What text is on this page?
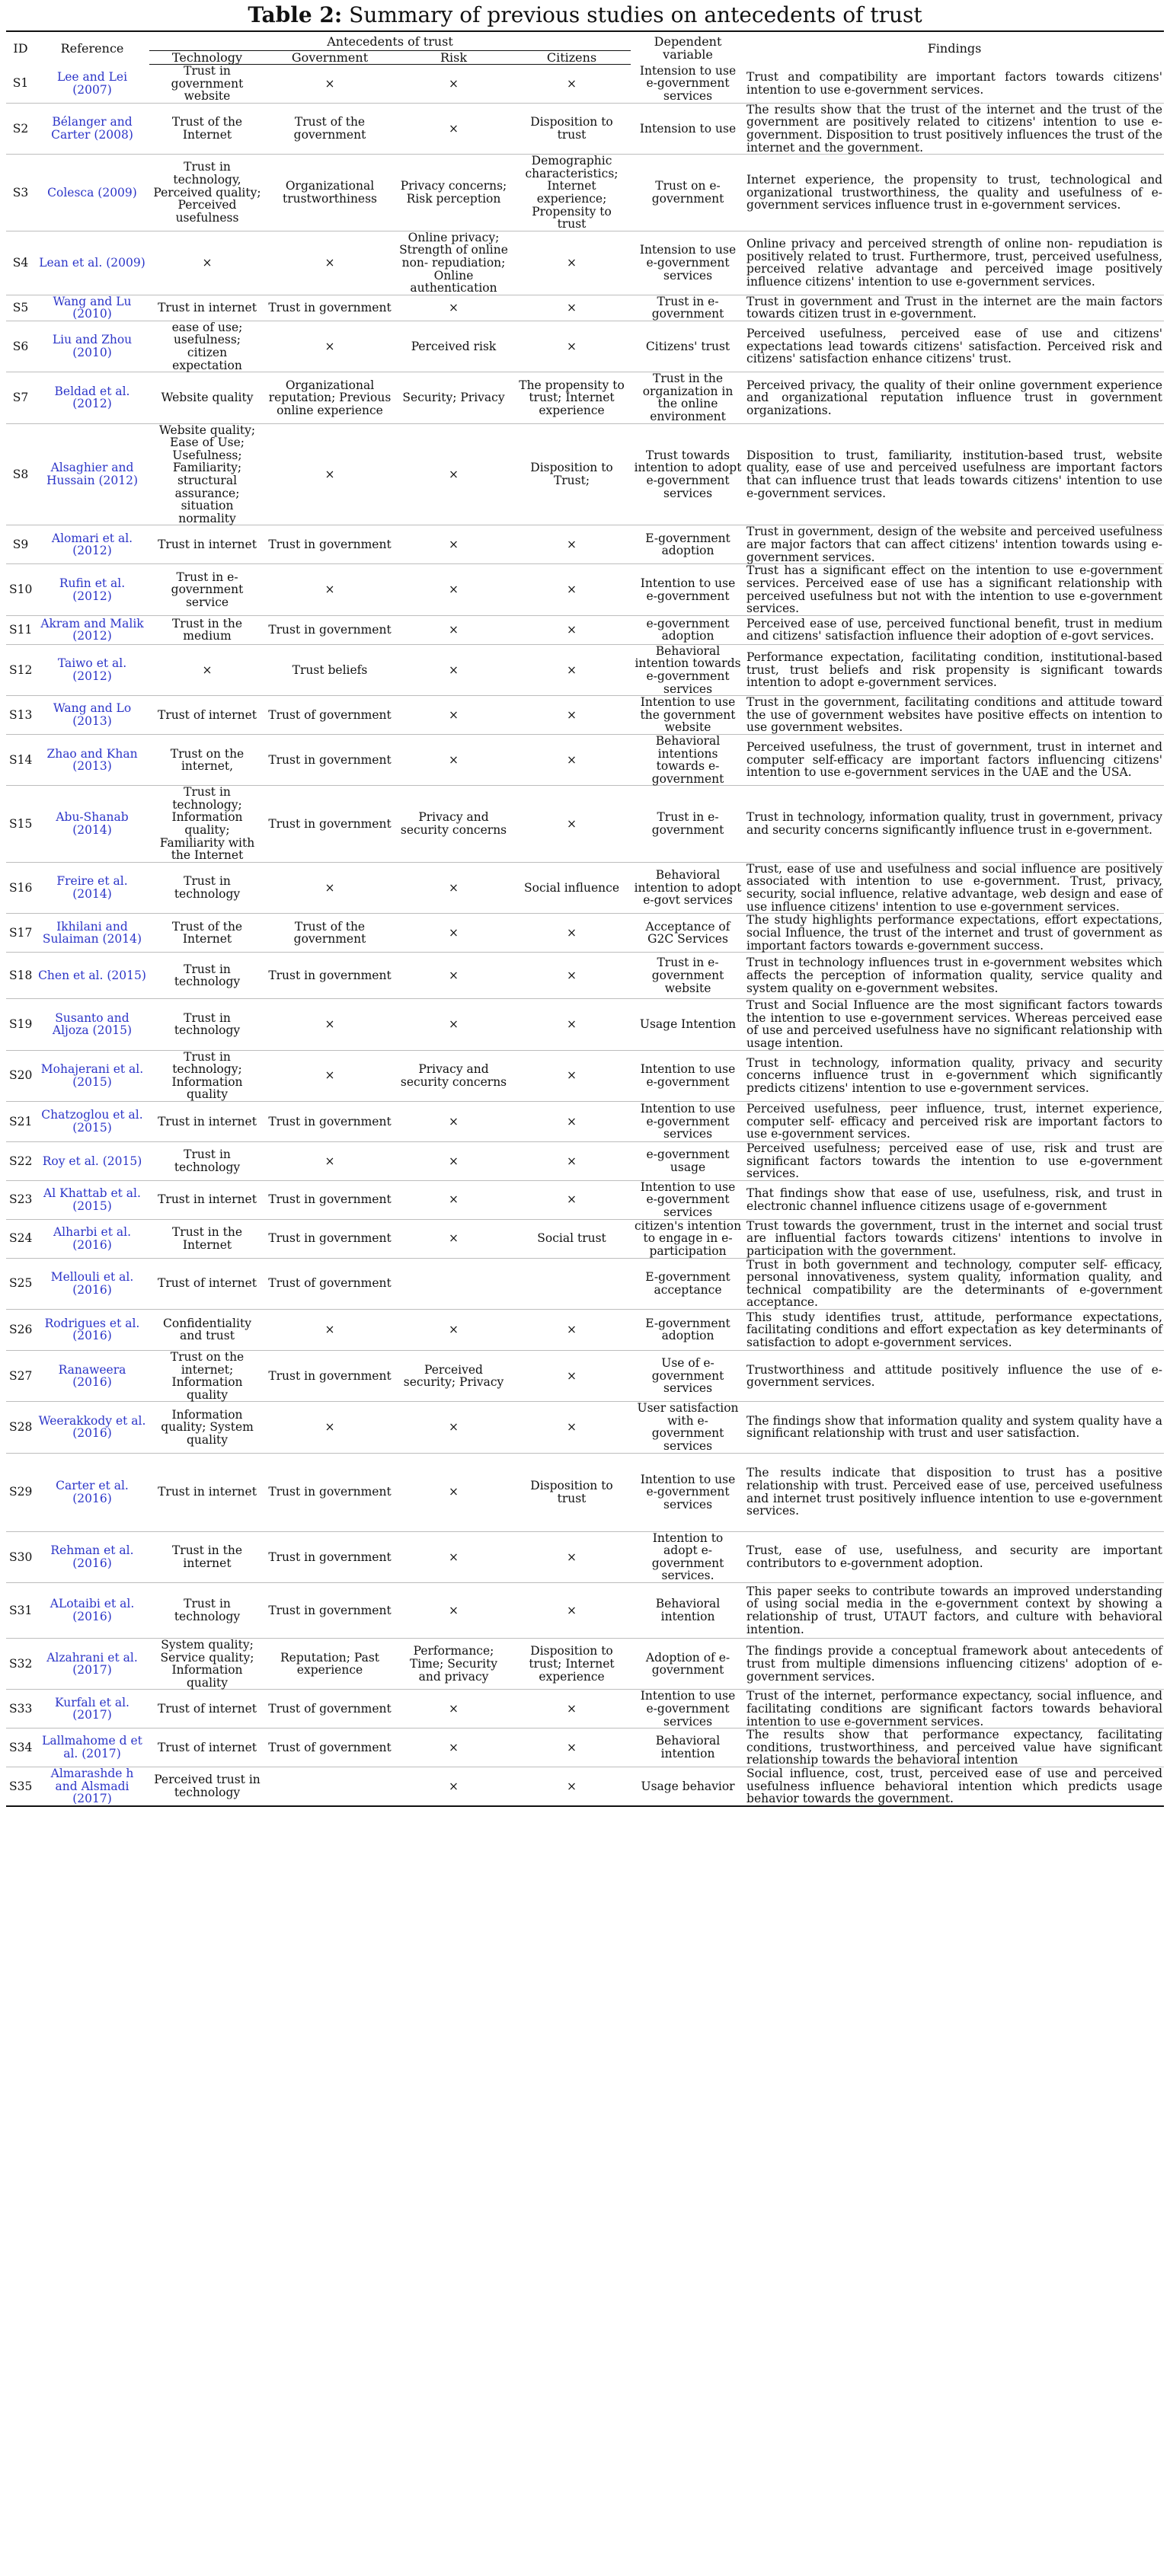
Table 2: Summary of previous studies on antecedents of trust
ID	Reference	Antecedents of trust				Dependent variable	Findings
		Technology	Government	Risk	Citizens		
S1	Lee and Lei (2007)	Trust in government website	×	×	×	Intension to use e-government services	Trust and compatibility are important factors towards citizens' intention to use e-government services.
S2	Bélanger and Carter (2008)	Trust of the Internet	Trust of the government	×	Disposition to trust	Intension to use	The results show that the trust of the internet and the trust of the government are positively related to citizens' intention to use e-government. Disposition to trust positively influences the trust of the internet and the government.
S3	Colesca (2009)	Trust in technology, Perceived quality; Perceived usefulness	Organizational trustworthiness	Privacy concerns; Risk perception	Demographic characteristics; Internet experience; Propensity to trust	Trust on e-government	Internet experience, the propensity to trust, technological and organizational trustworthiness, the quality and usefulness of e-government services influence trust in e-government services.
S4	Lean et al. (2009)	×	×	Online privacy; Strength of online non- repudiation; Online authentication	×	Intension to use e-government services	Online privacy and perceived strength of online non- repudiation is positively related to trust. Furthermore, trust, perceived usefulness, perceived relative advantage and perceived image positively influence citizens' intention to use e-government services.
S5	Wang and Lu (2010)	Trust in internet	Trust in government	×	×	Trust in e-government	Trust in government and Trust in the internet are the main factors towards citizen trust in e-government.
S6	Liu and Zhou (2010)	ease of use; usefulness; citizen expectation	×	Perceived risk	×	Citizens' trust	Perceived usefulness, perceived ease of use and citizens' expectations lead towards citizens' satisfaction. Perceived risk and citizens' satisfaction enhance citizens' trust.
S7	Beldad et al. (2012)	Website quality	Organizational reputation; Previous online experience	Security; Privacy	The propensity to trust; Internet experience	Trust in the organization in the online environment	Perceived privacy, the quality of their online government experience and organizational reputation influence trust in government organizations.
S8	Alsaghier and Hussain (2012)	Website quality; Ease of Use; Usefulness; Familiarity; structural assurance; situation normality	×	×	Disposition to Trust;	Trust towards intention to adopt e-government services	Disposition to trust, familiarity, institution-based trust, website quality, ease of use and perceived usefulness are important factors that can influence trust that leads towards citizens' intention to use e-government services.
S9	Alomari et al. (2012)	Trust in internet	Trust in government	×	×	E-government adoption	Trust in government, design of the website and perceived usefulness are major factors that can affect citizens' intention towards using e-government services.
S10	Rufin et al. (2012)	Trust in e-government service	×	×	×	Intention to use e-government	Trust has a significant effect on the intention to use e-government services. Perceived ease of use has a significant relationship with perceived usefulness but not with the intention to use e-government services.
S11	Akram and Malik (2012)	Trust in the medium	Trust in government	×	×	e-government adoption	Perceived ease of use, perceived functional benefit, trust in medium and citizens' satisfaction influence their adoption of e-govt services.
S12	Taiwo et al. (2012)	×	Trust beliefs	×	×	Behavioral intention towards e-government services	Performance expectation, facilitating condition, institutional-based trust, trust beliefs and risk propensity is significant towards intention to adopt e-government services.
S13	Wang and Lo (2013)	Trust of internet	Trust of government	×	×	Intention to use the government website	Trust in the government, facilitating conditions and attitude toward the use of government websites have positive effects on intention to use government websites.
S14	Zhao and Khan (2013)	Trust on the internet,	Trust in government	×	×	Behavioral intentions towards e-government	Perceived usefulness, the trust of government, trust in internet and computer self-efficacy are important factors influencing citizens' intention to use e-government services in the UAE and the USA.
S15	Abu-Shanab (2014)	Trust in technology; Information quality; Familiarity with the Internet	Trust in government	Privacy and security concerns	×	Trust in e-government	Trust in technology, information quality, trust in government, privacy and security concerns significantly influence trust in e-government.
S16	Freire et al. (2014)	Trust in technology	×	×	Social influence	Behavioral intention to adopt e-govt services	Trust, ease of use and usefulness and social influence are positively associated with intention to use e-government. Trust, privacy, security, social influence, relative advantage, web design and ease of use influence citizens' intention to use e-government services.
S17	Ikhilani and Sulaiman (2014)	Trust of the Internet	Trust of the government	×	×	Acceptance of G2C Services	The study highlights performance expectations, effort expectations, social Influence, the trust of the internet and trust of government as important factors towards e-government success.
S18	Chen et al. (2015)	Trust in technology	Trust in government	×	×	Trust in e-government website	Trust in technology influences trust in e-government websites which affects the perception of information quality, service quality and system quality on e-government websites.
S19	Susanto and Aljoza (2015)	Trust in technology	×	×	×	Usage Intention	Trust and Social Influence are the most significant factors towards the intention to use e-government services. Whereas perceived ease of use and perceived usefulness have no significant relationship with usage intention.
S20	Mohajerani et al. (2015)	Trust in technology; Information quality	×	Privacy and security concerns	×	Intention to use e-government	Trust in technology, information quality, privacy and security concerns influence trust in e-government which significantly predicts citizens' intention to use e-government services.
S21	Chatzoglou et al. (2015)	Trust in internet	Trust in government	×	×	Intention to use e-government services	Perceived usefulness, peer influence, trust, internet experience, computer self- efficacy and perceived risk are important factors to use e-government services.
S22	Roy et al. (2015)	Trust in technology	×	×	×	e-government usage	Perceived usefulness; perceived ease of use, risk and trust are significant factors towards the intention to use e-government services.
S23	Al Khattab et al. (2015)	Trust in internet	Trust in government	×	×	Intention to use e-government services	That findings show that ease of use, usefulness, risk, and trust in electronic channel influence citizens usage of e-government
S24	Alharbi et al. (2016)	Trust in the Internet	Trust in government	×	Social trust	citizen's intention to engage in e-participation	Trust towards the government, trust in the internet and social trust are influential factors towards citizens' intentions to involve in participation with the government.
S25	Mellouli et al. (2016)	Trust of internet	Trust of government			E-government acceptance	Trust in both government and technology, computer self- efficacy, personal innovativeness, system quality, information quality, and technical compatibility are the determinants of e-government acceptance.
S26	Rodrigues et al. (2016)	Confidentiality and trust	×	×	×	E-government adoption	This study identifies trust, attitude, performance expectations, facilitating conditions and effort expectation as key determinants of satisfaction to adopt e-government services.
S27	Ranaweera (2016)	Trust on the internet; Information quality	Trust in government	Perceived security; Privacy	×	Use of e-government services	Trustworthiness and attitude positively influence the use of e-government services.
S28	Weerakkody et al. (2016)	Information quality; System quality	×	×	×	User satisfaction with e-government services	The findings show that information quality and system quality have a significant relationship with trust and user satisfaction.
S29	Carter et al. (2016)	Trust in internet	Trust in government	×	Disposition to trust	Intention to use e-government services	The results indicate that disposition to trust has a positive relationship with trust. Perceived ease of use, perceived usefulness and internet trust positively influence intention to use e-government services.
S30	Rehman et al. (2016)	Trust in the internet	Trust in government	×	×	Intention to adopt e-government services.	Trust, ease of use, usefulness, and security are important contributors to e-government adoption.
S31	ALotaibi et al. (2016)	Trust in technology	Trust in government	×	×	Behavioral intention	This paper seeks to contribute towards an improved understanding of using social media in the e-government context by showing a relationship of trust, UTAUT factors, and culture with behavioral intention.
S32	Alzahrani et al. (2017)	System quality; Service quality; Information quality	Reputation; Past experience	Performance; Time; Security and privacy	Disposition to trust; Internet experience	Adoption of e-government	The findings provide a conceptual framework about antecedents of trust from multiple dimensions influencing citizens' adoption of e-government services.
S33	Kurfalı et al. (2017)	Trust of internet	Trust of government	×	×	Intention to use e-government services	Trust of the internet, performance expectancy, social influence, and facilitating conditions are significant factors towards behavioral intention to use e-government services.
S34	Lallmahome d et al. (2017)	Trust of internet	Trust of government	×	×	Behavioral intention	The results show that performance expectancy, facilitating conditions, trustworthiness, and perceived value have significant relationship towards the behavioral intention
S35	Almarashde h and Alsmadi (2017)	Perceived trust in technology		×	×	Usage behavior	Social influence, cost, trust, perceived ease of use and perceived usefulness influence behavioral intention which predicts usage behavior towards the government.
